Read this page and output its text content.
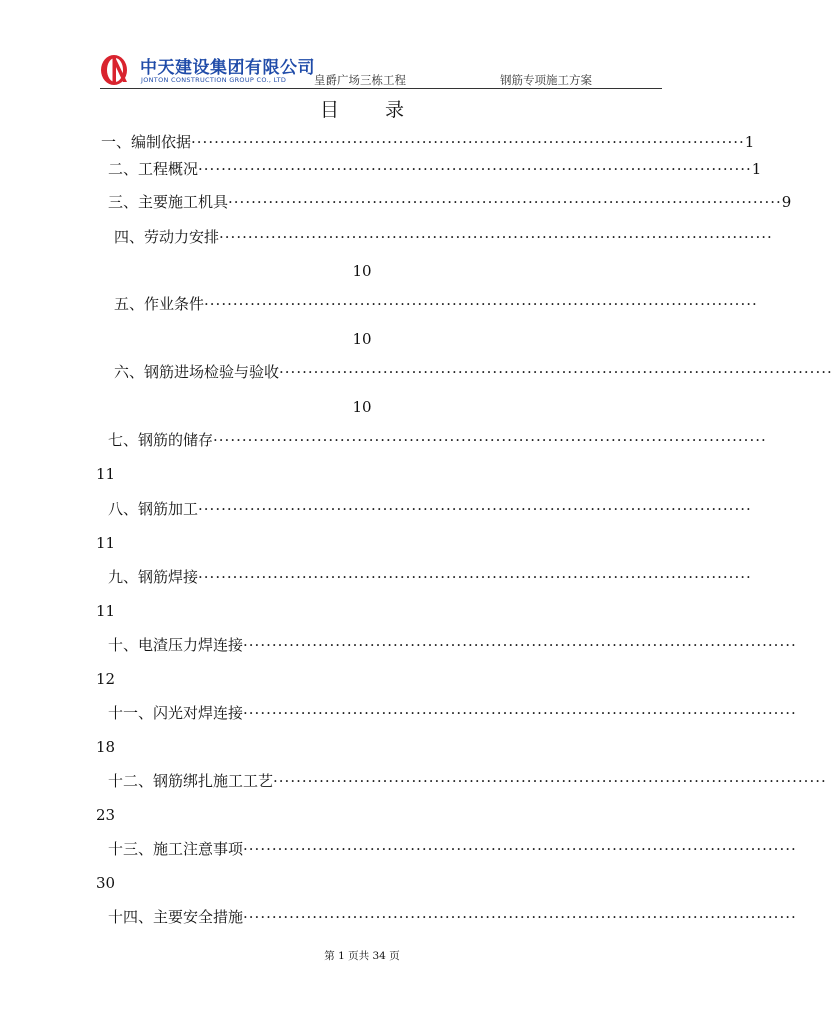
中天建设集团有限公司
JONTON CONSTRUCTION GROUP CO., LTD 皇爵广场三栋工程	钢筋专项施工方案
目 录
一、编制依据 ································································································ 1
二、工程概况 ································································································ 1
三、主要施工机具 ································································································ 9
四、劳动力安排 ································································································
10
五、作业条件 ································································································
10
六、钢筋进场检验与验收 ································································································
10
七、钢筋的储存 ································································································
11
八、钢筋加工 ································································································
11
九、钢筋焊接 ································································································
11
十、电渣压力焊连接 ································································································
12
十一、闪光对焊连接 ································································································
18
十二、钢筋绑扎施工工艺 ································································································
23
十三、施工注意事项 ································································································
30
十四、主要安全措施 ································································································
第 1 页共 34 页
